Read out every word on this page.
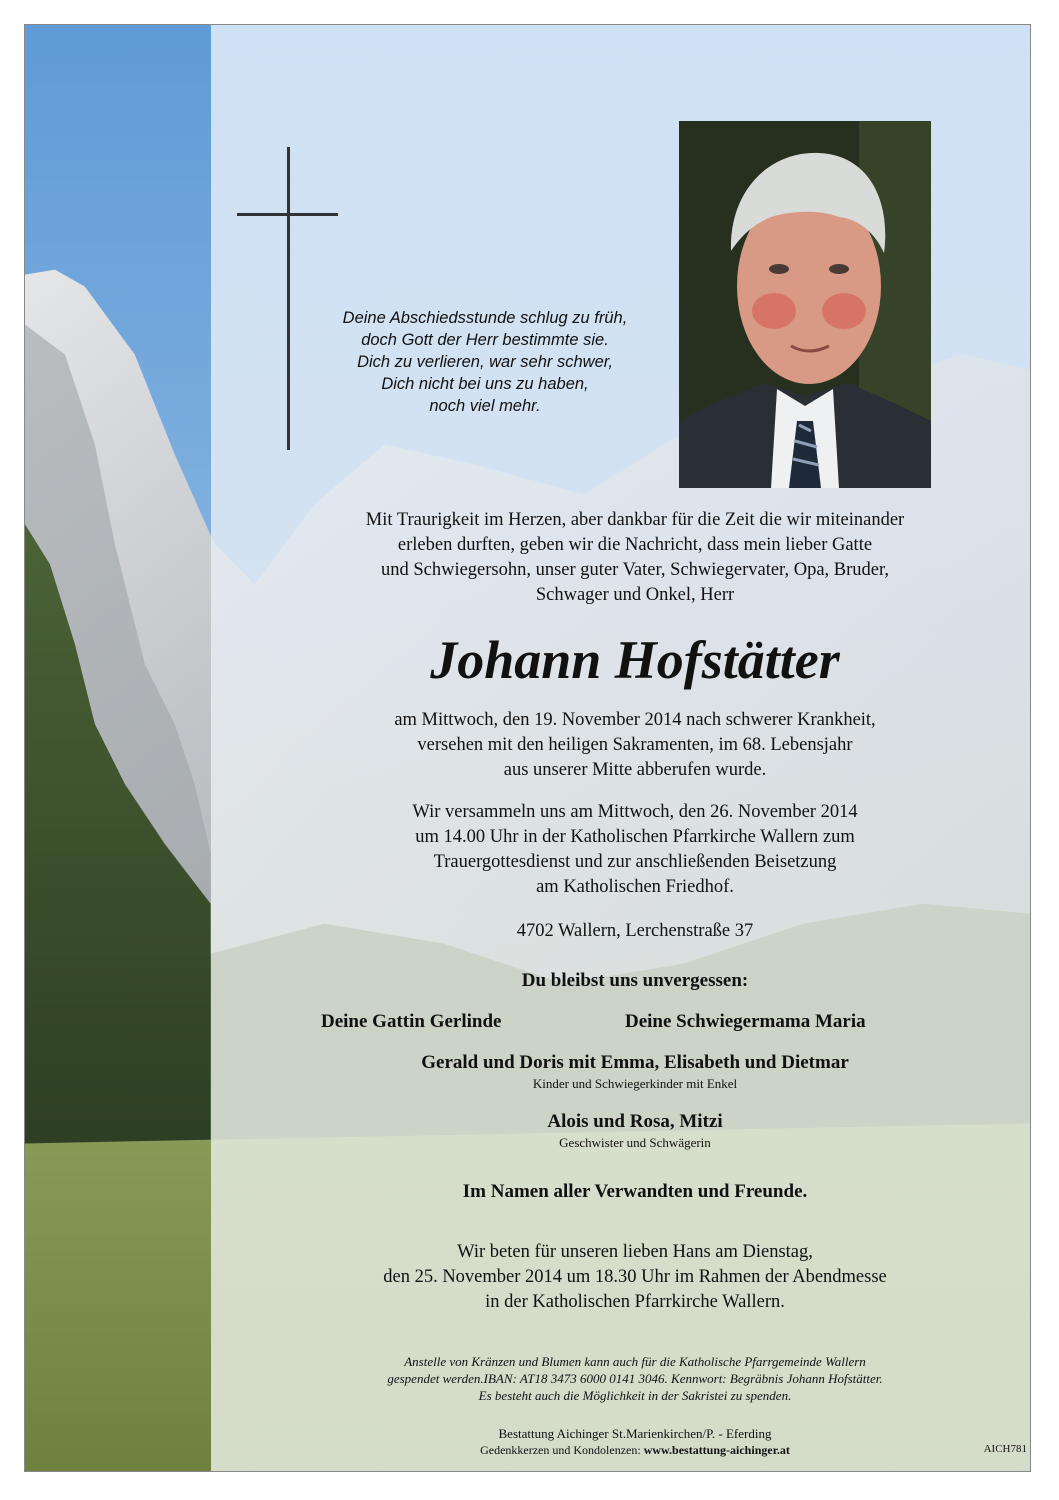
Deine Abschiedsstunde schlug zu früh,
doch Gott der Herr bestimmte sie.
Dich zu verlieren, war sehr schwer,
Dich nicht bei uns zu haben,
noch viel mehr.
Mit Traurigkeit im Herzen, aber dankbar für die Zeit die wir miteinander
erleben durften, geben wir die Nachricht, dass mein lieber Gatte
und Schwiegersohn, unser guter Vater, Schwiegervater, Opa, Bruder,
Schwager und Onkel, Herr
Johann Hofstätter
am Mittwoch, den 19. November 2014 nach schwerer Krankheit,
versehen mit den heiligen Sakramenten, im 68. Lebensjahr
aus unserer Mitte abberufen wurde.
Wir versammeln uns am Mittwoch, den 26. November 2014
um 14.00 Uhr in der Katholischen Pfarrkirche Wallern zum
Trauergottesdienst und zur anschließenden Beisetzung
am Katholischen Friedhof.
4702 Wallern, Lerchenstraße 37
Du bleibst uns unvergessen:
Deine Gattin Gerlinde	Deine Schwiegermama Maria
Gerald und Doris mit Emma, Elisabeth und Dietmar
Kinder und Schwiegerkinder mit Enkel
Alois und Rosa, Mitzi
Geschwister und Schwägerin
Im Namen aller Verwandten und Freunde.
Wir beten für unseren lieben Hans am Dienstag,
den 25. November 2014 um 18.30 Uhr im Rahmen der Abendmesse
in der Katholischen Pfarrkirche Wallern.
Anstelle von Kränzen und Blumen kann auch für die Katholische Pfarrgemeinde Wallern
gespendet werden.IBAN: AT18 3473 6000 0141 3046. Kennwort: Begräbnis Johann Hofstätter.
Es besteht auch die Möglichkeit in der Sakristei zu spenden.
Bestattung Aichinger St.Marienkirchen/P. - Eferding
Gedenkkerzen und Kondolenzen: www.bestattung-aichinger.at	AICH781
